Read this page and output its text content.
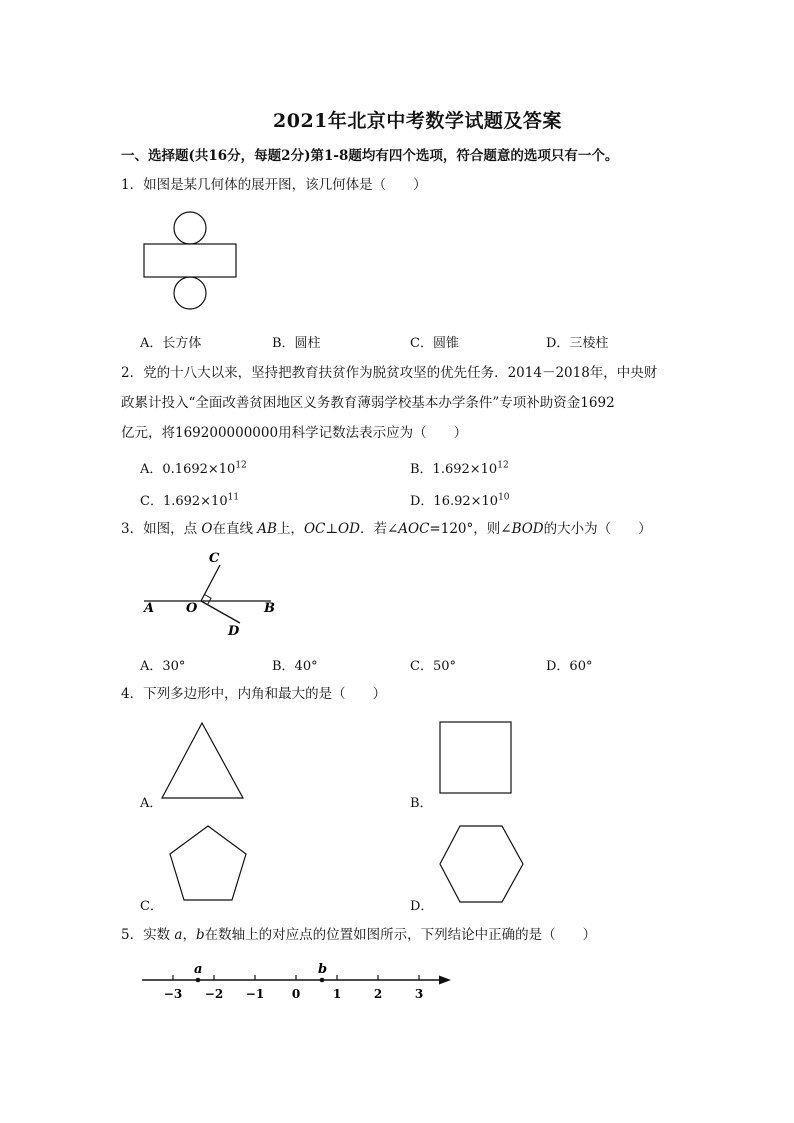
2021年北京中考数学试题及答案
一、选择题(共16分，每题2分)第1-8题均有四个选项，符合题意的选项只有一个。
1．如图是某几何体的展开图，该几何体是（　　）
A．长方体	B．圆柱	C．圆锥	D．三棱柱
2．党的十八大以来，坚持把教育扶贫作为脱贫攻坚的优先任务．2014－2018年，中央财
政累计投入“全面改善贫困地区义务教育薄弱学校基本办学条件”专项补助资金1692
亿元，将169200000000用科学记数法表示应为（　　）
A．$0.1692\times 10^{12}$	B．$1.692\times 10^{12}$
C．$1.692\times 10^{11}$	D．$16.92\times 10^{10}$
3．如图，点 O在直线 AB上，OC⊥OD．若∠AOC=120°，则∠BOD的大小为（　　）
A O	B
C
D
A．30°	B．40°	C．50°	D．60°
4．下列多边形中，内角和最大的是（　　）
A．	B．
C．	D．
5．实数 a，b在数轴上的对应点的位置如图所示，下列结论中正确的是（　　）
a	b
−3 −2 −1 0	1	2	3
